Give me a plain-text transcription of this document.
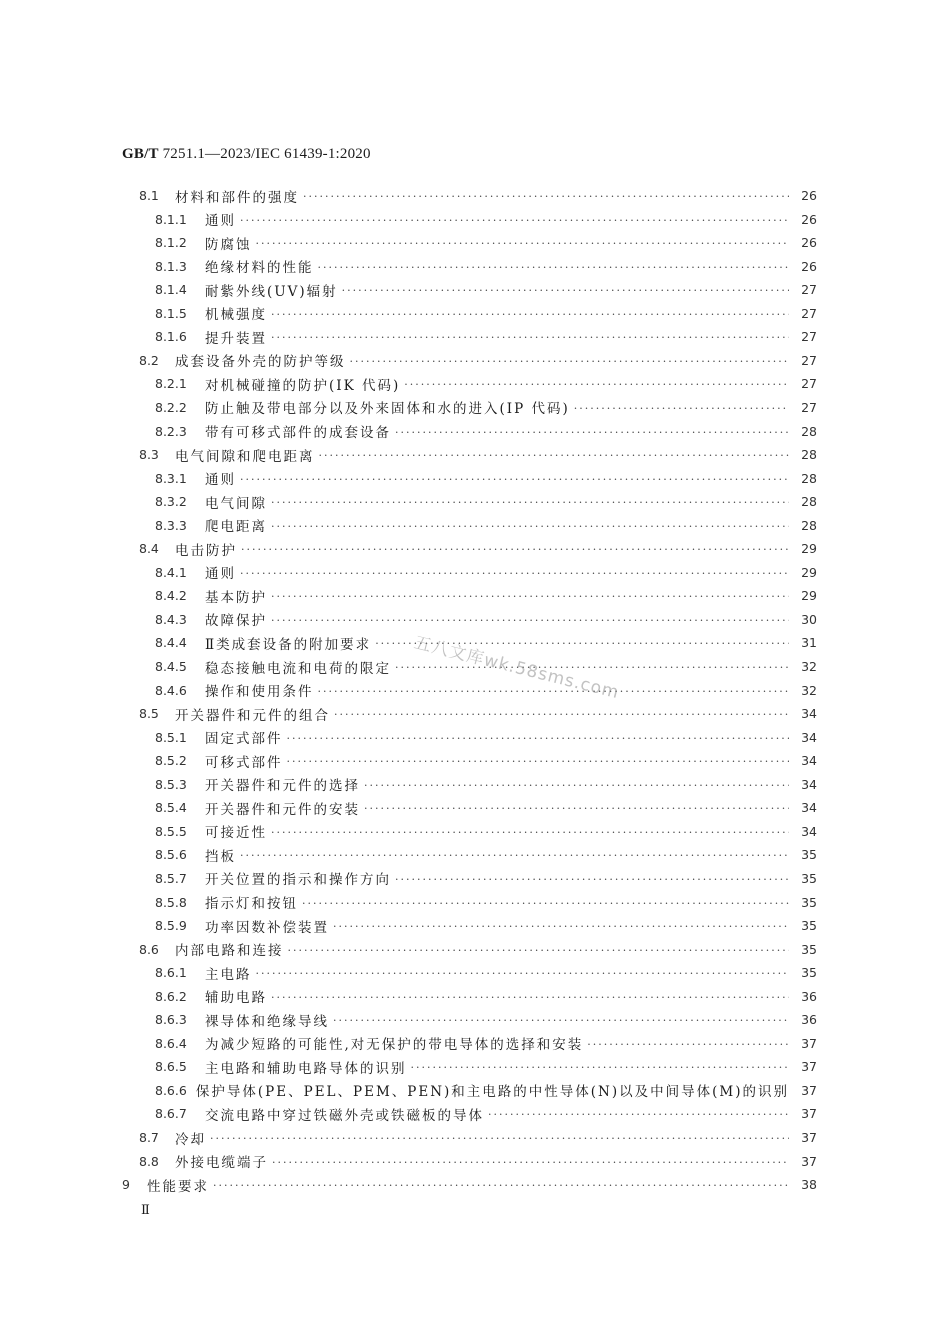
GB/T 7251.1—2023/IEC 61439-1:2020
8.1	材料和部件的强度 ·····	26
8.1.1	通则 ·····	26
8.1.2	防腐蚀 ·····	26
8.1.3	绝缘材料的性能 ·····	26
8.1.4	耐紫外线(UV)辐射 ·····	27
8.1.5	机械强度 ·····	27
8.1.6	提升装置 ·····	27
8.2	成套设备外壳的防护等级 ·····	27
8.2.1	对机械碰撞的防护(IK 代码) ·····	27
8.2.2	防止触及带电部分以及外来固体和水的进入(IP 代码) ·····	27
8.2.3	带有可移式部件的成套设备 ·····	28
8.3	电气间隙和爬电距离 ·····	28
8.3.1	通则 ·····	28
8.3.2	电气间隙 ·····	28
8.3.3	爬电距离 ·····	28
8.4	电击防护 ·····	29
8.4.1	通则 ·····	29
8.4.2	基本防护 ·····	29
8.4.3	故障保护 ·····	30
8.4.4	Ⅱ类成套设备的附加要求 ·····	31
8.4.5	稳态接触电流和电荷的限定 ·····	32
8.4.6	操作和使用条件 ·····	32
8.5	开关器件和元件的组合 ·····	34
8.5.1	固定式部件 ·····	34
8.5.2	可移式部件 ·····	34
8.5.3	开关器件和元件的选择 ·····	34
8.5.4	开关器件和元件的安装 ·····	34
8.5.5	可接近性 ·····	34
8.5.6	挡板 ·····	35
8.5.7	开关位置的指示和操作方向 ·····	35
8.5.8	指示灯和按钮 ·····	35
8.5.9	功率因数补偿装置 ·····	35
8.6	内部电路和连接 ·····	35
8.6.1	主电路 ·····	35
8.6.2	辅助电路 ·····	36
8.6.3	裸导体和绝缘导线 ·····	36
8.6.4	为减少短路的可能性,对无保护的带电导体的选择和安装 ·····	37
8.6.5	主电路和辅助电路导体的识别 ·····	37
8.6.6 保护导体(PE、PEL、PEM、PEN)和主电路的中性导体(N)以及中间导体(M)的识别 37
8.6.7	交流电路中穿过铁磁外壳或铁磁板的导体 ·····	37
8.7	冷却 ·····	37
8.8	外接电缆端子 ·····	37
9	性能要求 ·····	38
五八文库wk.58sms.com
Ⅱ
